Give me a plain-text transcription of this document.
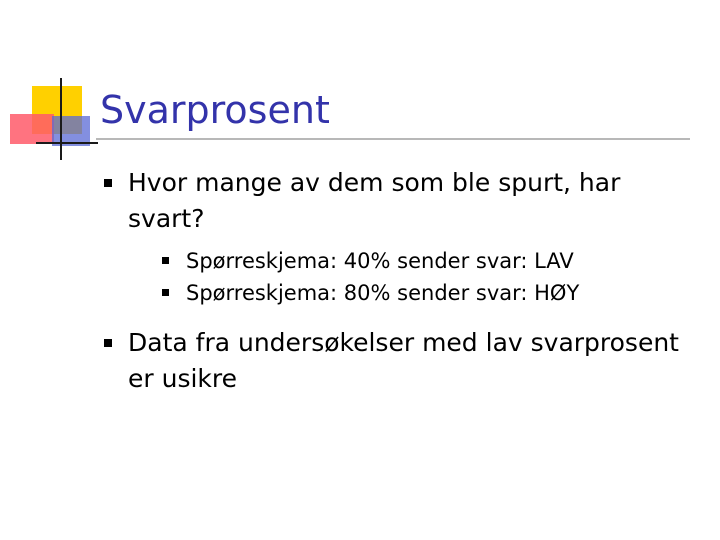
Svarprosent
Hvor mange av dem som ble spurt, har svart?
Spørreskjema: 40% sender svar: LAV
Spørreskjema: 80% sender svar: HØY
Data fra undersøkelser med lav svarprosent er usikre
